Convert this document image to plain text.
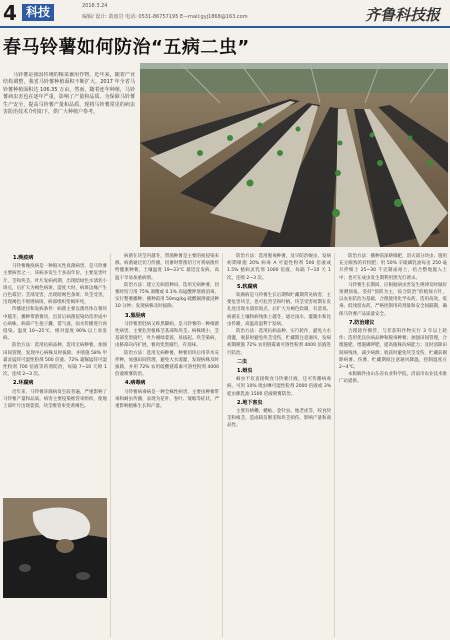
4 科技	2018.3.24
编辑/ 设计: 葛雨岩 电话: 0531-86757195 E—mail:gyj1868@163.com	齐鲁科技报
春马铃薯如何防治“五病二虫”
马铃薯是我国传统的粮菜兼用作物，近年来，随着产业结构调整，我省马铃薯种植面积不断扩大，2017 年全省马铃薯种植面积达 106.35 万亩，然而，随着连年种植，马铃薯病虫害也在逐年严重，影响了产量和品质。为保障马铃薯生产安全，提高马铃薯产量和品质，现将马铃薯常见的病虫害防治技术介绍如下，供广大种植户参考。

1.晚疫病

马铃薯晚疫病是一种毁灭性真菌病害，是马铃薯主要病害之一，该病多发生于多雨年份，主要危害叶片、茎和块茎。叶片发病初期，出现暗绿色水渍状小斑点，后扩大为褐色病斑，湿度大时，病斑边缘产生白色霉层；茎部受害，出现暗褐色条斑；块茎受害，出现褐色不规则病斑，病部组织变褐坏死。

传播途径和发病条件：病菌主要以菌丝体在薯块中越冬，播种带菌薯块，出苗后病菌侵染幼苗形成中心病株，病部产生孢子囊，借气流、雨水传播进行再侵染。温度 10~25℃，相对湿度 90% 以上易发病。

防治方法：选用抗病品种，选用无病种薯，加强田间管理，发现中心病株及时拔除，并喷施 58% 甲霜灵锰锌可湿性粉剂 500 倍液、72% 霜脲锰锌可湿性粉剂 700 倍液等药剂防治，每隔 7~10 天喷 1 次，连续 2~3 次。

2.环腐病

近年来，马铃薯环腐病发生较普遍，严重影响了马铃薯产量和品质。病害主要侵染维管束组织，使地上部叶片出现萎蔫，块茎维管束变黄褐色。

病菌在块茎内越冬，带菌种薯是主要的初侵染来源。病菌通过切刀传播，切薯时带菌切刀可将病菌传给健康种薯。土壤温度 19~23℃ 最适宜发病，高温干旱易加重病情。

防治方法：建立无病留种田，选用无病种薯，切薯时切刀用 75% 酒精或 0.1% 高锰酸钾溶液消毒，实行整薯播种；播种前用 50mg/kg 硫酸铜溶液浸种 10 分钟；发现病株及时拔除。

3.黑胫病

马铃薯黑胫病又称黑脚病，是马铃薯的一种细菌性病害，主要危害植株茎基部和块茎。病株矮小，茎基部变黑腐烂，叶片褪绿萎蔫，易拔起。块茎染病，由脐部向内扩展，薯肉变黑腐烂，有臭味。

防治方法：选用无病种薯，种薯切块后用草木灰拌种，加强田间管理，避免大水漫灌，发现病株及时拔除，并用 72% 农用硫酸链霉素可溶性粉剂 4000 倍液喷雾防治。

4.病毒病

马铃薯病毒病是一种全株性病害，主要由种薯带毒和蚜虫传播，表现为花叶、卷叶、皱缩等症状，严重影响植株生长和产量。

防治方法：选用脱毒种薯，及早防治蚜虫，发病初期喷施 20% 病毒 A 可湿性粉剂 500 倍液或 1.5% 植病灵乳剂 1000 倍液，每隔 7~10 天 1 次，连喷 2~3 次。

5.软腐病

软腐病是马铃薯生长后期和贮藏期常见病害，主要危害块茎，也可危害茎和叶柄。块茎受害初期在皮孔处出现水渍状斑点，后扩大为褐色软腐，有恶臭。病菌在土壤和病残体上越冬，通过雨水、灌溉水和昆虫传播，高温高湿利于发病。

防治方法：选用抗病品种，实行轮作，避免大水漫灌，收获时避免块茎受伤，贮藏期注意通风，发病初期喷施 72% 农用链霉素可溶性粉剂 4000 倍液进行防治。

二虫

1.蚜虫

蚜虫不仅直接吸食马铃薯汁液，还可传播病毒病，可用 10% 吡虫啉可湿性粉剂 2000 倍液或 3% 啶虫脒乳油 1500 倍液喷雾防治。

2.地下害虫

主要有蛴螬、蝼蛄、金针虫、地老虎等，咬食块茎和根茎，造成缺苗断垄和块茎损伤，影响产量和商品性。

防治方法：播种前深耕细耙，消灭部分幼虫；施用充分腐熟的有机肥；用 50% 辛硫磷乳油每亩 250 毫升拌细土 25~30 千克制成毒土，结合整地施入土中；也可在成虫发生期利用黑光灯诱杀。

马铃薯生长期间，应根据病虫害发生规律及时做好预测预报，坚持“预防为主，综合防治”的植保方针，以农业防治为基础，合理使用化学农药，选用高效、低毒、低残留农药，严格控制用药剂量和安全间隔期，确保马铃薯产品质量安全。

7.防治建议

合理轮作倒茬，与非茄科作物实行 3 年以上轮作；选用优良抗病品种和脱毒种薯；加强田间管理，合理施肥，增施磷钾肥，提高植株抗病能力；及时清除田间病残体，减少病源；收获时避免块茎受伤，贮藏前剔除病薯、伤薯，贮藏期间注意通风降温，控制温度在 2~4℃。

本版稿件由山东省农业科学院、济南市农业技术推广站提供。
